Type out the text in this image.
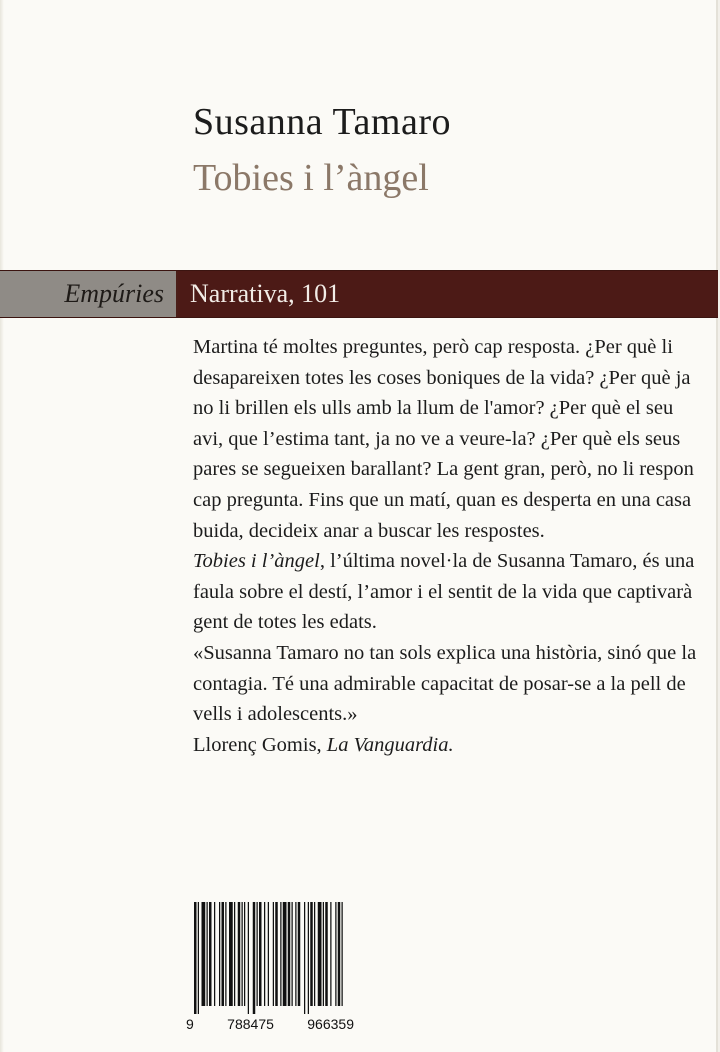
Susanna Tamaro
Tobies i l’àngel
Empúries Narrativa, 101

Martina té moltes preguntes, però cap resposta. ¿Per què li desapareixen totes les coses boniques de la vida? ¿Per què ja no li brillen els ulls amb la llum de l'amor? ¿Per què el seu avi, que l’estima tant, ja no ve a veure-la? ¿Per què els seus pares se segueixen barallant? La gent gran, però, no li respon cap pregunta. Fins que un matí, quan es desperta en una casa buida, decideix anar a buscar les respostes.

Tobies i l’àngel, l’última novel·la de Susanna Tamaro, és una faula sobre el destí, l’amor i el sentit de la vida que captivarà gent de totes les edats.

«Susanna Tamaro no tan sols explica una història, sinó que la contagia. Té una admirable capacitat de posar-se a la pell de vells i adolescents.»

Llorenç Gomis, La Vanguardia.

9 788475 966359
